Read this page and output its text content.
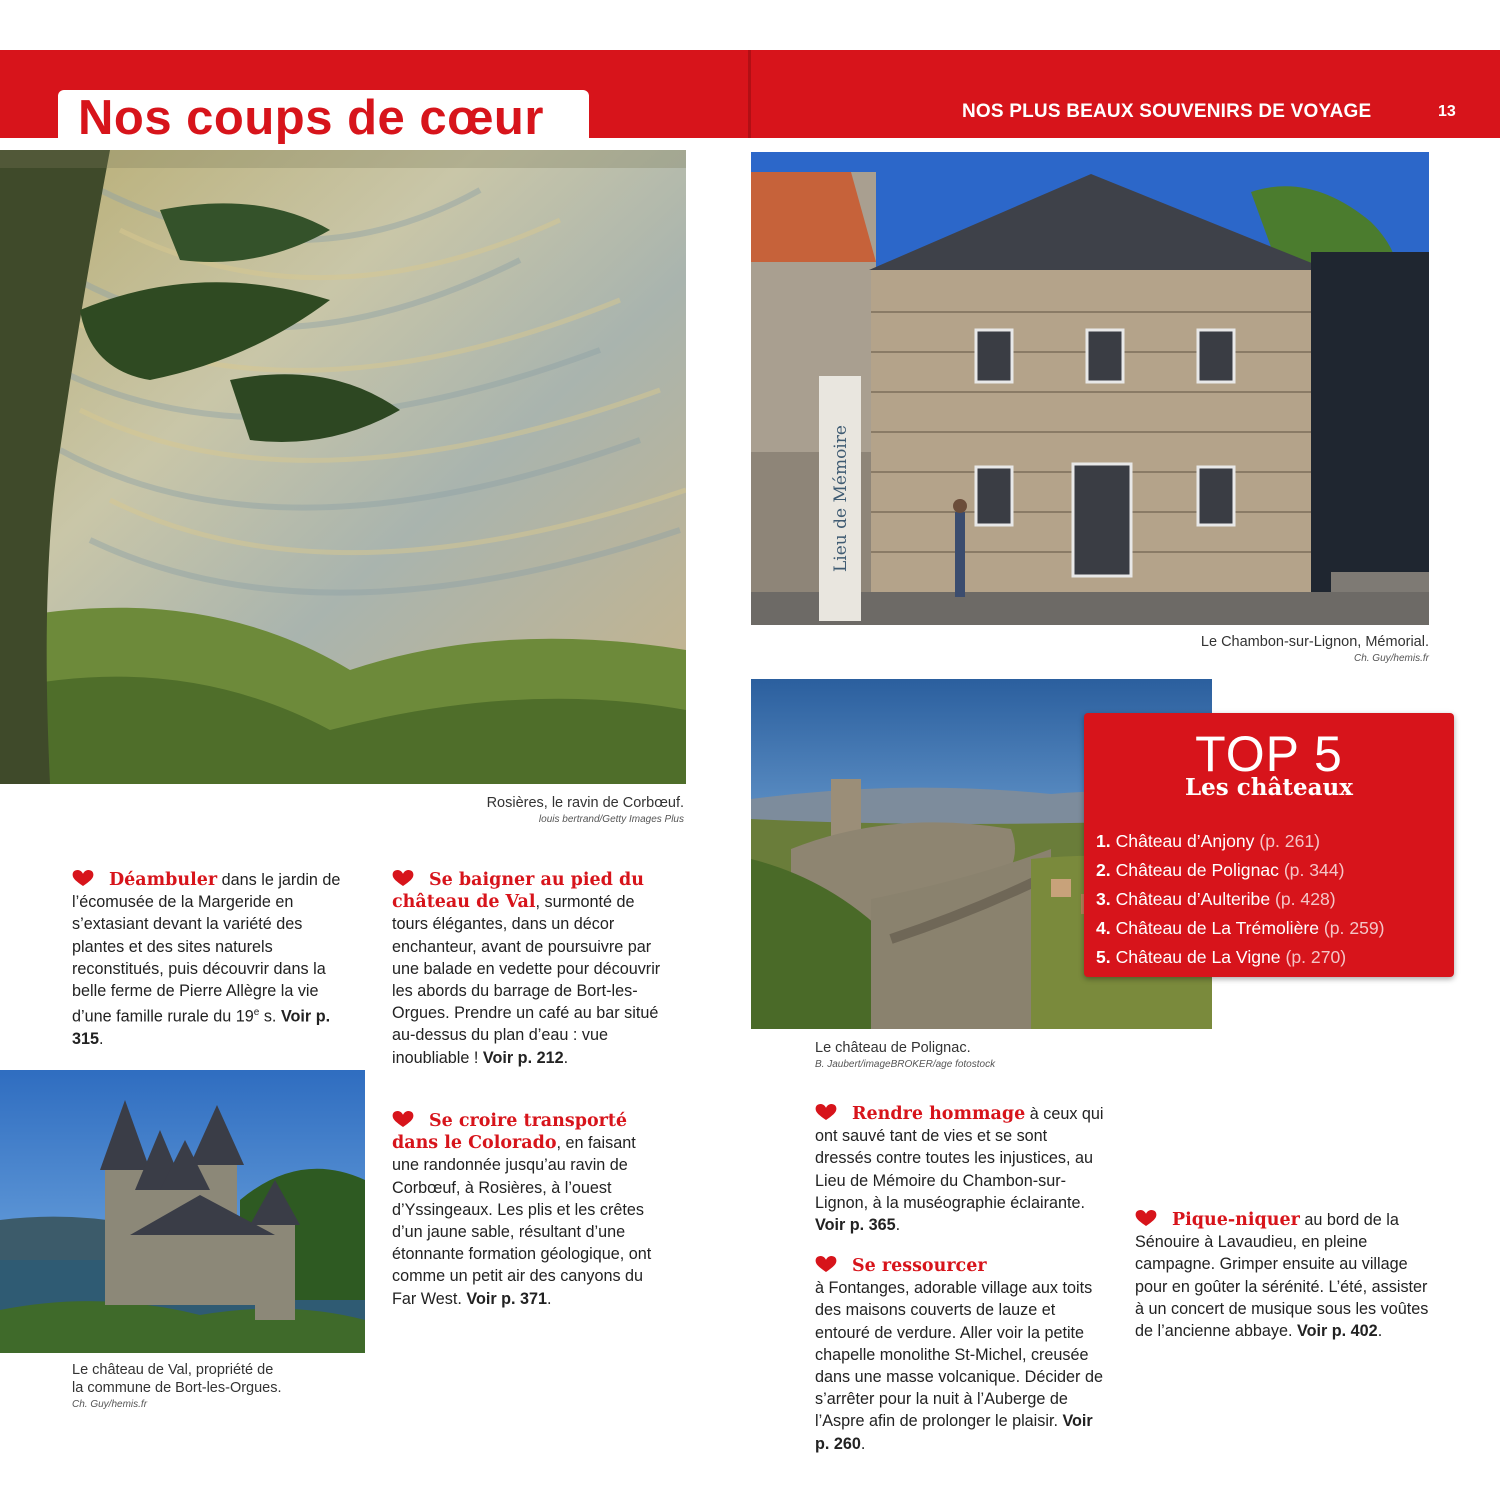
Nos coups de cœur	NOS PLUS BEAUX SOUVENIRS DE VOYAGE	13
Rosières, le ravin de Corbœuf.
louis bertrand/Getty Images Plus
Le château de Val, propriété de
la commune de Bort-les-Orgues.
Ch. Guy/hemis.fr
Lieu de Mémoire
Le Chambon-sur-Lignon, Mémorial.
Ch. Guy/hemis.fr
Le château de Polignac.
B. Jaubert/imageBROKER/age fotostock
TOP 5
Les châteaux
1. Château d’Anjony (p. 261)
2. Château de Polignac (p. 344)
3. Château d’Aulteribe (p. 428)
4. Château de La Trémolière (p. 259)
5. Château de La Vigne (p. 270)
Déambuler dans le jardin de l’écomusée de la Margeride en s’extasiant devant la variété des plantes et des sites naturels reconstitués, puis découvrir dans la belle ferme de Pierre Allègre la vie d’une famille rurale du 19e s. Voir p. 315.
Se baigner au pied du château de Val, surmonté de tours élégantes, dans un décor enchanteur, avant de poursuivre par une balade en vedette pour découvrir les abords du barrage de Bort-les-Orgues. Prendre un café au bar situé au-dessus du plan d’eau : vue inoubliable ! Voir p. 212.
Se croire transporté dans le Colorado, en faisant une randonnée jusqu’au ravin de Corbœuf, à Rosières, à l’ouest d’Yssingeaux. Les plis et les crêtes d’un jaune sable, résultant d’une étonnante formation géologique, ont comme un petit air des canyons du Far West. Voir p. 371.
Rendre hommage à ceux qui ont sauvé tant de vies et se sont dressés contre toutes les injustices, au Lieu de Mémoire du Chambon-sur-Lignon, à la muséographie éclairante. Voir p. 365.
Se ressourcer
à Fontanges, adorable village aux toits des maisons couverts de lauze et entouré de verdure. Aller voir la petite chapelle monolithe St-Michel, creusée dans une masse volcanique. Décider de s’arrêter pour la nuit à l’Auberge de l’Aspre afin de prolonger le plaisir. Voir p. 260.
Pique-niquer au bord de la Sénouire à Lavaudieu, en pleine campagne. Grimper ensuite au village pour en goûter la sérénité. L’été, assister à un concert de musique sous les voûtes de l’ancienne abbaye. Voir p. 402.
